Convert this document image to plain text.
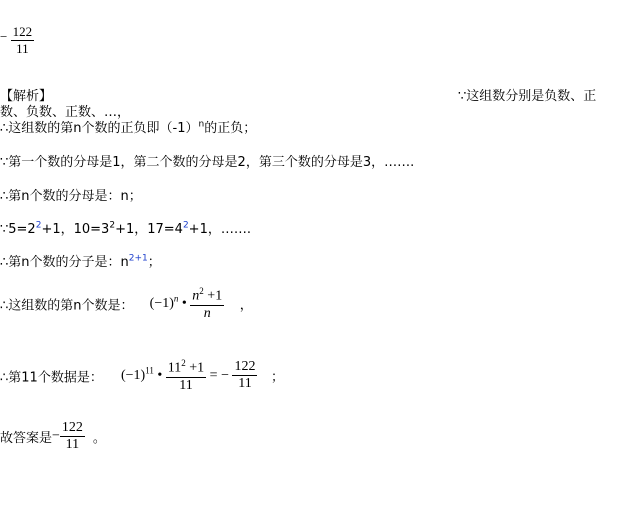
− $\frac{122}{11}$
【解析】	∵这组数分别是负数、正
数、负数、正数、…，
∴这组数的第n个数的正负即$(-1)^n$的正负；
∵第一个数的分母是1，第二个数的分母是2，第三个数的分母是3，…….
∴第n个数的分母是：n；
$\because 5=2^2+1$，$10=3^2+1$，$17=4^2+1$，…….
∴第n个数的分子是：$n^{2+1}$；
∴这组数的第n个数是： $(-1)^n$ • $\frac{n^2 +1}{n}$ ，
∴第11个数据是： $(-1)^{11}$ • $\frac{11^2 +1}{11}$ = − $\frac{122}{11}$ ；
故答案是− $\frac{122}{11}$ 。
